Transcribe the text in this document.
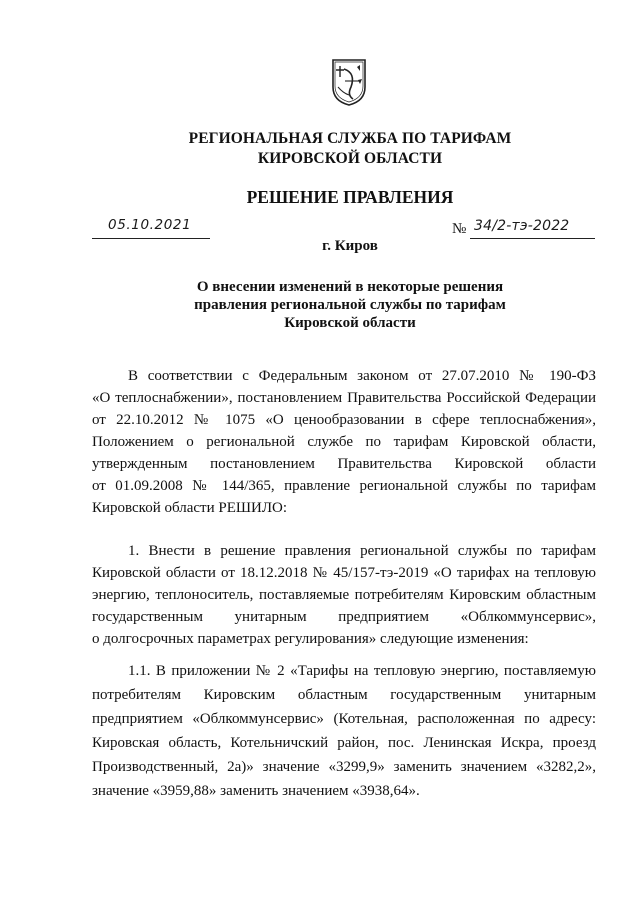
РЕГИОНАЛЬНАЯ СЛУЖБА ПО ТАРИФАМ
КИРОВСКОЙ ОБЛАСТИ
РЕШЕНИЕ ПРАВЛЕНИЯ
05.10.2021	№ 34/2-тэ-2022
г. Киров
О внесении изменений в некоторые решения
правления региональной службы по тарифам
Кировской области
В соответствии с Федеральным законом от 27.07.2010 № 190-ФЗ
«О теплоснабжении», постановлением Правительства Российской Федерации
от 22.10.2012 № 1075 «О ценообразовании в сфере теплоснабжения»,
Положением о региональной службе по тарифам Кировской области,
утвержденным постановлением Правительства Кировской области
от 01.09.2008 № 144/365, правление региональной службы по тарифам
Кировской области РЕШИЛО:
1. Внести в решение правления региональной службы по тарифам
Кировской области от 18.12.2018 № 45/157-тэ-2019 «О тарифах на тепловую
энергию, теплоноситель, поставляемые потребителям Кировским областным
государственным унитарным предприятием «Облкоммунсервис»,
о долгосрочных параметрах регулирования» следующие изменения:
1.1. В приложении № 2 «Тарифы на тепловую энергию, поставляемую
потребителям Кировским областным государственным унитарным
предприятием «Облкоммунсервис» (Котельная, расположенная по адресу:
Кировская область, Котельничский район, пос. Ленинская Искра, проезд
Производственный, 2а)» значение «3299,9» заменить значением «3282,2»,
значение «3959,88» заменить значением «3938,64».
